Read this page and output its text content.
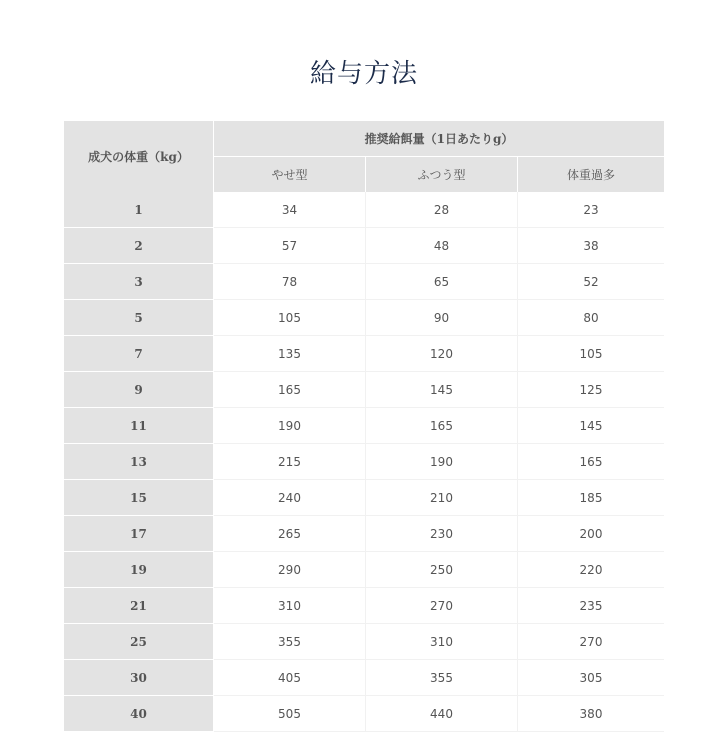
給与方法
成犬の体重（kg）	推奨給餌量（1日あたりg）		
	やせ型	ふつう型	体重過多
1	34	28	23
2	57	48	38
3	78	65	52
5	105	90	80
7	135	120	105
9	165	145	125
11	190	165	145
13	215	190	165
15	240	210	185
17	265	230	200
19	290	250	220
21	310	270	235
25	355	310	270
30	405	355	305
40	505	440	380
